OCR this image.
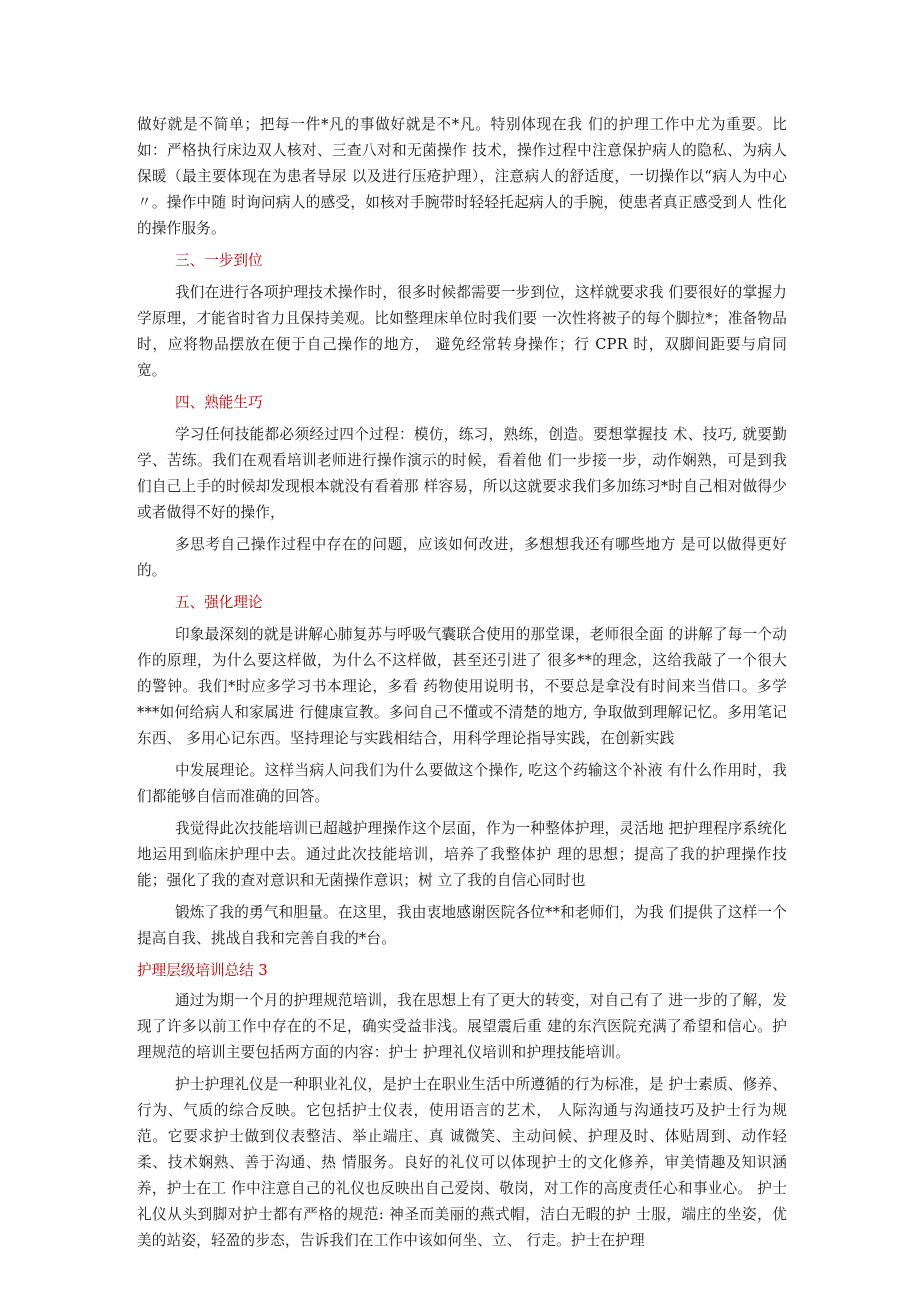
做好就是不简单；把每一件*凡的事做好就是不*凡。特别体现在我 们的护理工作中尤为重要。比如：严格执行床边双人核对、三查八对和无菌操作 技术，操作过程中注意保护病人的隐私、为病人保暖（最主要体现在为患者导尿 以及进行压疮护理），注意病人的舒适度，一切操作以“病人为中心〃。操作中随 时询问病人的感受，如核对手腕带时轻轻托起病人的手腕，使患者真正感受到人 性化的操作服务。

三、一步到位

我们在进行各项护理技术操作时，很多时候都需要一步到位，这样就要求我 们要很好的掌握力学原理，才能省时省力且保持美观。比如整理床单位时我们要 一次性将被子的每个脚拉*；准备物品时，应将物品摆放在便于自己操作的地方， 避免经常转身操作；行 CPR 时，双脚间距要与肩同宽。

四、熟能生巧

学习任何技能都必须经过四个过程：模仿，练习，熟练，创造。要想掌握技 术、技巧, 就要勤学、苦练。我们在观看培训老师进行操作演示的时候，看着他 们一步接一步，动作娴熟，可是到我们自己上手的时候却发现根本就没有看着那 样容易，所以这就要求我们多加练习*时自己相对做得少或者做得不好的操作，

多思考自己操作过程中存在的问题，应该如何改进，多想想我还有哪些地方 是可以做得更好的。

五、强化理论

印象最深刻的就是讲解心肺复苏与呼吸气囊联合使用的那堂课，老师很全面 的讲解了每一个动作的原理，为什么要这样做，为什么不这样做，甚至还引进了 很多**的理念，这给我敲了一个很大的警钟。我们*时应多学习书本理论，多看 药物使用说明书，不要总是拿没有时间来当借口。多学***如何给病人和家属进 行健康宣教。多问自己不懂或不清楚的地方, 争取做到理解记忆。多用笔记东西、 多用心记东西。坚持理论与实践相结合，用科学理论指导实践，在创新实践

中发展理论。这样当病人问我们为什么要做这个操作, 吃这个药输这个补液 有什么作用时，我们都能够自信而准确的回答。

我觉得此次技能培训已超越护理操作这个层面，作为一种整体护理，灵活地 把护理程序系统化地运用到临床护理中去。通过此次技能培训，培养了我整体护 理的思想；提高了我的护理操作技能；强化了我的查对意识和无菌操作意识；树 立了我的自信心同时也

锻炼了我的勇气和胆量。在这里，我由衷地感谢医院各位**和老师们，为我 们提供了这样一个提高自我、挑战自我和完善自我的*台。

护理层级培训总结 3

通过为期一个月的护理规范培训，我在思想上有了更大的转变，对自己有了 进一步的了解，发现了许多以前工作中存在的不足，确实受益非浅。展望震后重 建的东汽医院充满了希望和信心。护理规范的培训主要包括两方面的内容：护士 护理礼仪培训和护理技能培训。

护士护理礼仪是一种职业礼仪，是护士在职业生活中所遵循的行为标准，是 护士素质、修养、行为、气质的综合反映。它包括护士仪表，使用语言的艺术， 人际沟通与沟通技巧及护士行为规范。它要求护士做到仪表整洁、举止端庄、真 诚微笑、主动问候、护理及时、体贴周到、动作轻柔、技术娴熟、善于沟通、热 情服务。良好的礼仪可以体现护士的文化修养，审美情趣及知识涵养，护士在工 作中注意自己的礼仪也反映出自己爱岗、敬岗，对工作的高度责任心和事业心。 护士礼仪从头到脚对护士都有严格的规范: 神圣而美丽的燕式帽，洁白无暇的护 士服，端庄的坐姿，优美的站姿，轻盈的步态，告诉我们在工作中该如何坐、立、 行走。护士在护理
